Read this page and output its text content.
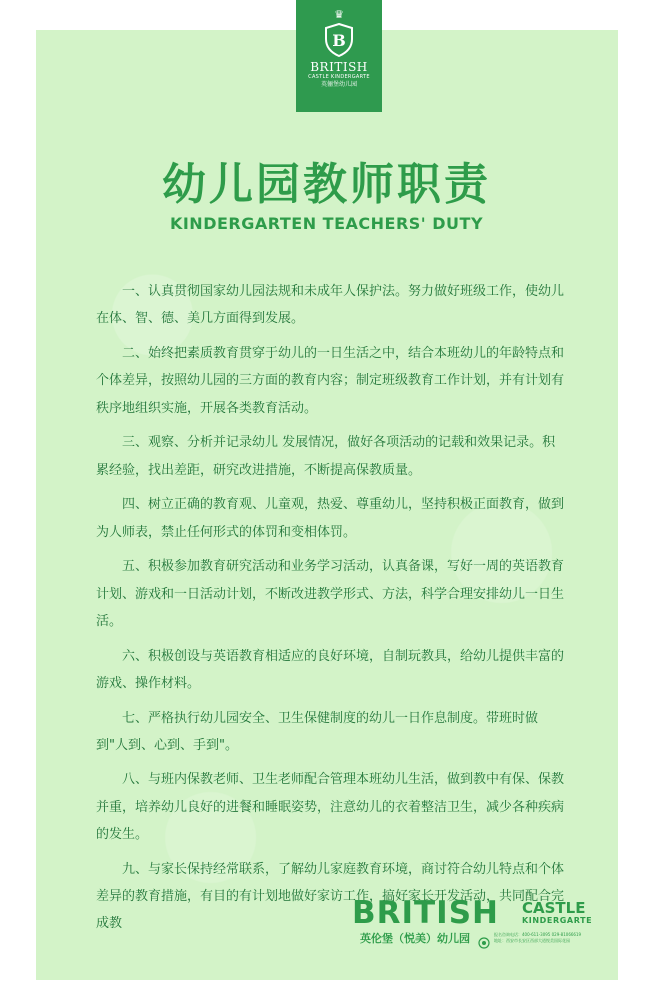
♛
B
BRITISH
CASTLE KINDERGARTE
英俪堡幼儿园
幼儿园教师职责
KINDERGARTEN TEACHERS' DUTY

一、认真贯彻国家幼儿园法规和未成年人保护法。努力做好班级工作，使幼儿在体、智、德、美几方面得到发展。

二、始终把素质教育贯穿于幼儿的一日生活之中，结合本班幼儿的年龄特点和个体差异，按照幼儿园的三方面的教育内容；制定班级教育工作计划，并有计划有秩序地组织实施，开展各类教育活动。

三、观察、分析并记录幼儿 发展情况，做好各项活动的记载和效果记录。积累经验，找出差距，研究改进措施，不断提高保教质量。

四、树立正确的教育观、儿童观，热爱、尊重幼儿，坚持积极正面教育，做到为人师表，禁止任何形式的体罚和变相体罚。

五、积极参加教育研究活动和业务学习活动，认真备课，写好一周的英语教育计划、游戏和一日活动计划，不断改进教学形式、方法，科学合理安排幼儿一日生活。

六、积极创设与英语教育相适应的良好环境，自制玩教具，给幼儿提供丰富的游戏、操作材料。

七、严格执行幼儿园安全、卫生保健制度的幼儿一日作息制度。带班时做到"人到、心到、手到"。

八、与班内保教老师、卫生老师配合管理本班幼儿生活，做到教中有保、保教并重，培养幼儿良好的进餐和睡眠姿势，注意幼儿的衣着整洁卫生，减少各种疾病的发生。

九、与家长保持经常联系，了解幼儿家庭教育环境，商讨符合幼儿特点和个体差异的教育措施，有目的有计划地做好家访工作，搞好家长开发活动，共同配合完成教	BRITISH CASTLE
KINDERGARTE
英伦堡（悦美）幼儿园	报名咨询电话：400-611-3095 029-81066619
地址：西安市长安区西部大道悦美国际花园
